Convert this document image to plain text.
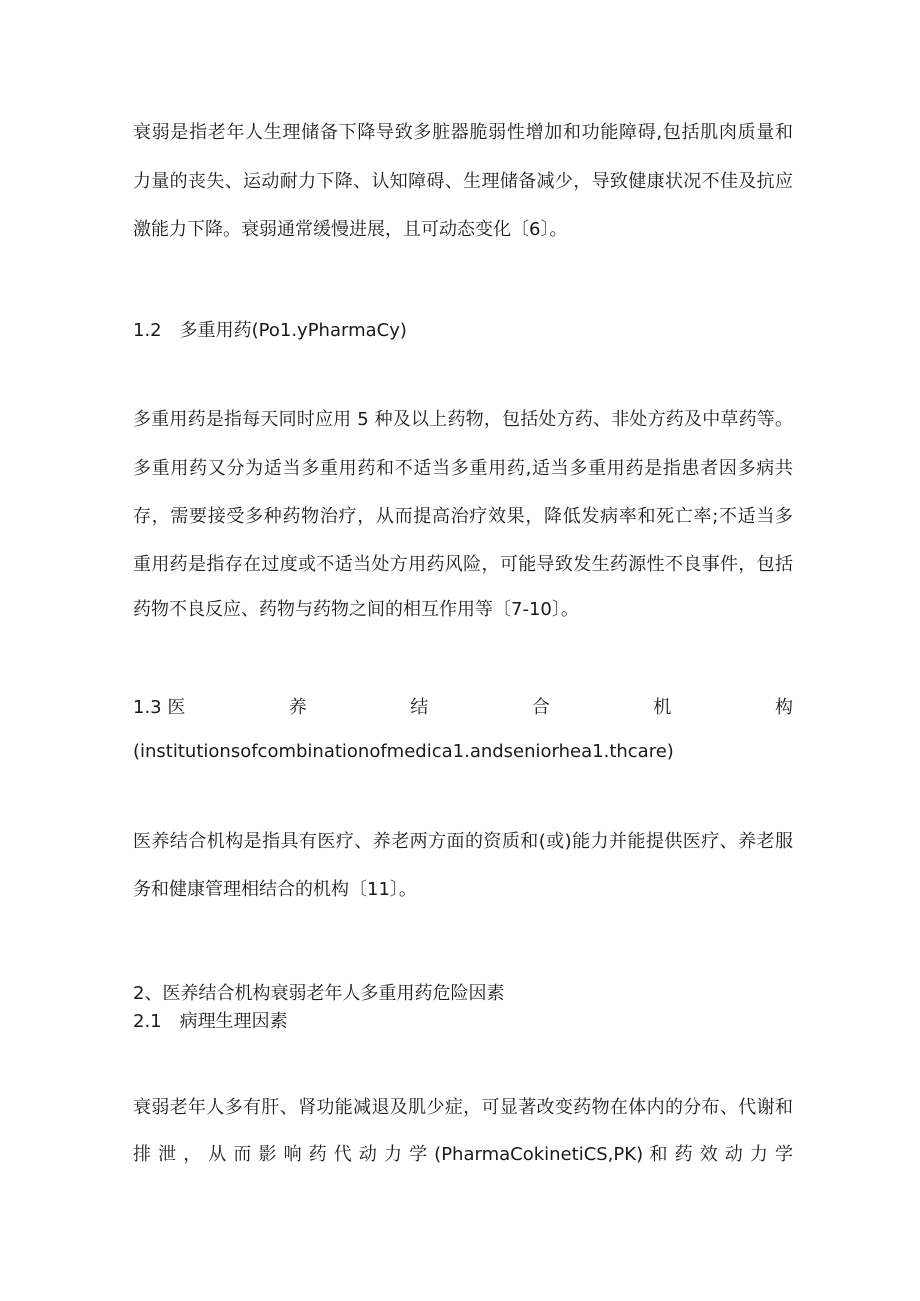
衰弱是指老年人生理储备下降导致多脏器脆弱性增加和功能障碍,包括肌肉质量和
力量的丧失、运动耐力下降、认知障碍、生理储备减少，导致健康状况不佳及抗应
激能力下降。衰弱通常缓慢进展，且可动态变化〔6〕。
1.2　多重用药(Po1.yPharmaCy)
多重用药是指每天同时应用 5 种及以上药物，包括处方药、非处方药及中草药等。
多重用药又分为适当多重用药和不适当多重用药,适当多重用药是指患者因多病共
存，需要接受多种药物治疗，从而提高治疗效果，降低发病率和死亡率;不适当多
重用药是指存在过度或不适当处方用药风险，可能导致发生药源性不良事件，包括
药物不良反应、药物与药物之间的相互作用等〔7-10〕。
1.3 医	养	结	合	机	构
(institutionsofcombinationofmedica1.andseniorhea1.thcare)
医养结合机构是指具有医疗、养老两方面的资质和(或)能力并能提供医疗、养老服
务和健康管理相结合的机构〔11〕。
2、医养结合机构衰弱老年人多重用药危险因素
2.1　病理生理因素
衰弱老年人多有肝、肾功能减退及肌少症，可显著改变药物在体内的分布、代谢和
排 泄 ， 从 而 影 响 药 代 动 力 学 (PharmaCokinetiCS,PK) 和 药 效 动 力 学
